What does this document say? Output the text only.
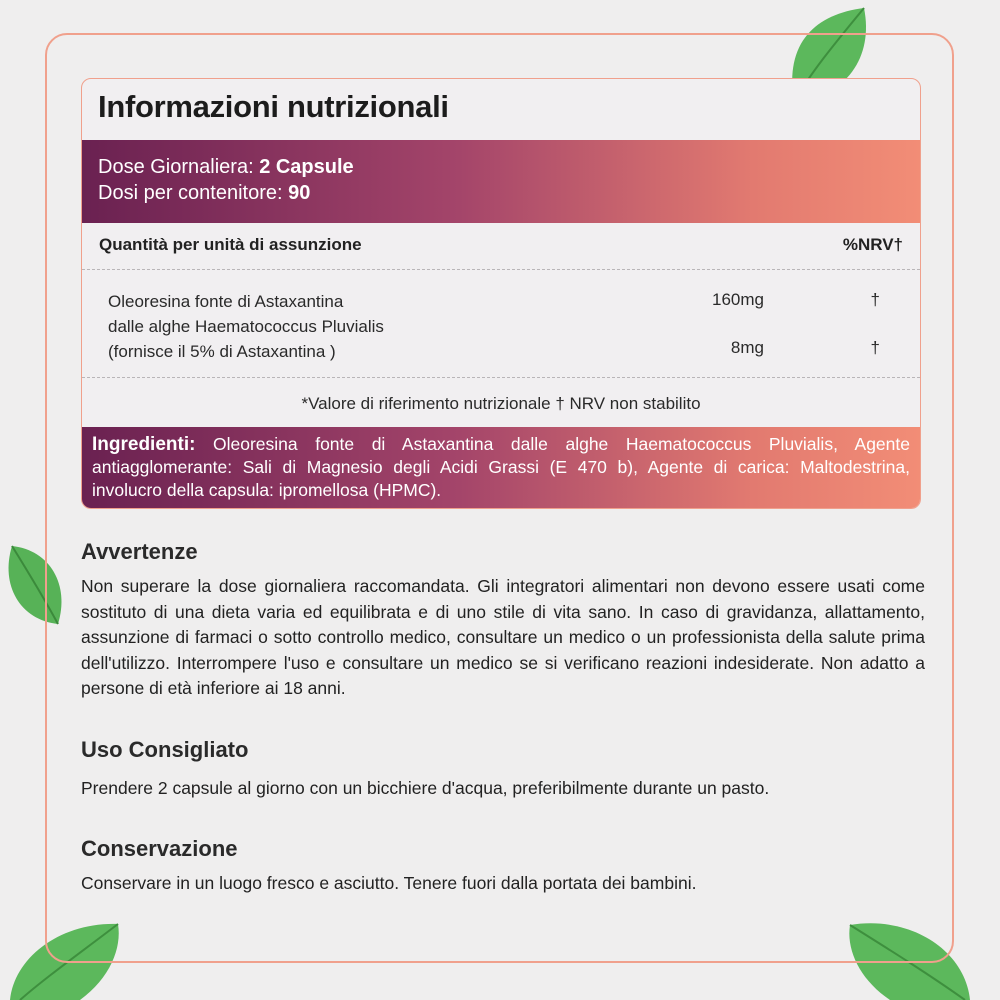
Informazioni nutrizionali
Dose Giornaliera: 2 Capsule
Dosi per contenitore: 90
Quantità per unità di assunzione	%NRV†
Oleoresina fonte di Astaxantina
dalle alghe Haematococcus Pluvialis
(fornisce il 5% di Astaxantina )
160mg	†
8mg	†
*Valore di riferimento nutrizionale † NRV non stabilito
Ingredienti: Oleoresina fonte di Astaxantina dalle alghe Haematococcus Pluvialis, Agente antiagglomerante: Sali di Magnesio degli Acidi Grassi (E 470 b), Agente di carica: Maltodestrina, involucro della capsula: ipromellosa (HPMC).
Avvertenze

Non superare la dose giornaliera raccomandata. Gli integratori alimentari non devono essere usati come sostituto di una dieta varia ed equilibrata e di uno stile di vita sano. In caso di gravidanza, allattamento, assunzione di farmaci o sotto controllo medico, consultare un medico o un professionista della salute prima dell'utilizzo. Interrompere l'uso e consultare un medico se si verificano reazioni indesiderate. Non adatto a persone di età inferiore ai 18 anni.

Uso Consigliato

Prendere 2 capsule al giorno con un bicchiere d'acqua, preferibilmente durante un pasto.

Conservazione

Conservare in un luogo fresco e asciutto. Tenere fuori dalla portata dei bambini.
